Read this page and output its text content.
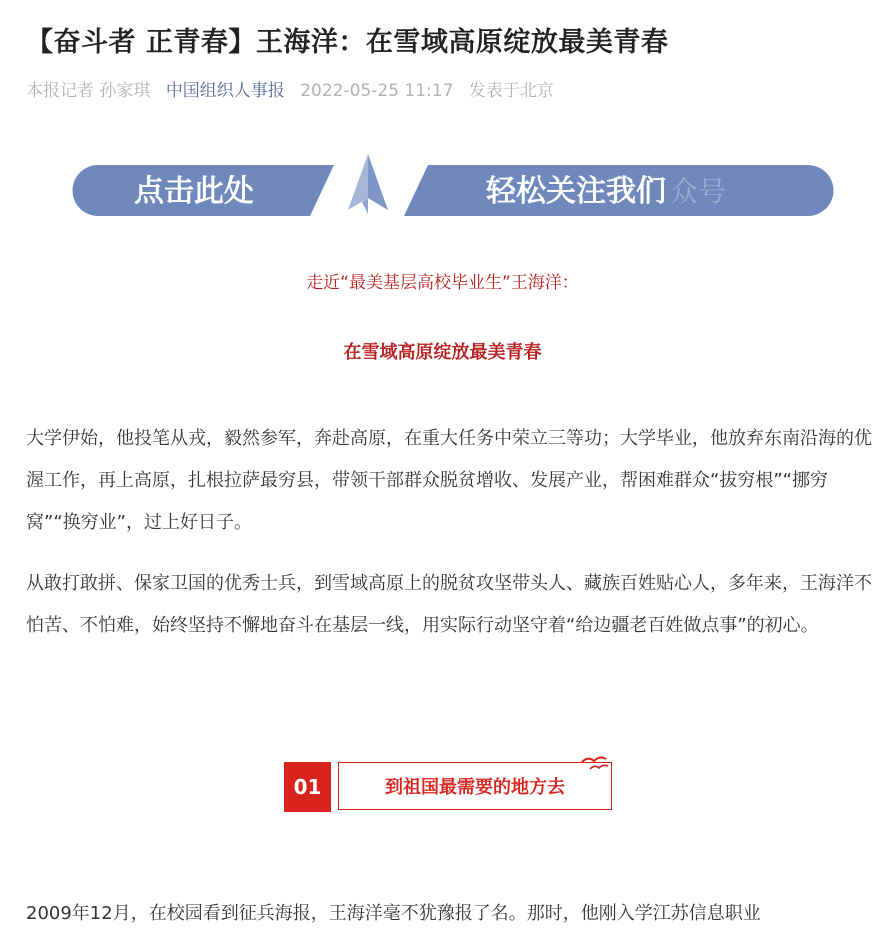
【奋斗者 正青春】王海洋：在雪域高原绽放最美青春
本报记者 孙家琪 中国组织人事报 2022-05-25 11:17 发表于北京
点击此处	轻松关注我们 众号
走近“最美基层高校毕业生”王海洋：
在雪域高原绽放最美青春

大学伊始，他投笔从戎，毅然参军，奔赴高原，在重大任务中荣立三等功；大学毕业，他放弃东南沿海的优渥工作，再上高原，扎根拉萨最穷县，带领干部群众脱贫增收、发展产业，帮困难群众“拔穷根”“挪穷窝”“换穷业”，过上好日子。

从敢打敢拼、保家卫国的优秀士兵，到雪域高原上的脱贫攻坚带头人、藏族百姓贴心人，多年来，王海洋不怕苦、不怕难，始终坚持不懈地奋斗在基层一线，用实际行动坚守着“给边疆老百姓做点事”的初心。

01	到祖国最需要的地方去

2009年12月，在校园看到征兵海报，王海洋毫不犹豫报了名。那时，他刚入学江苏信息职业
